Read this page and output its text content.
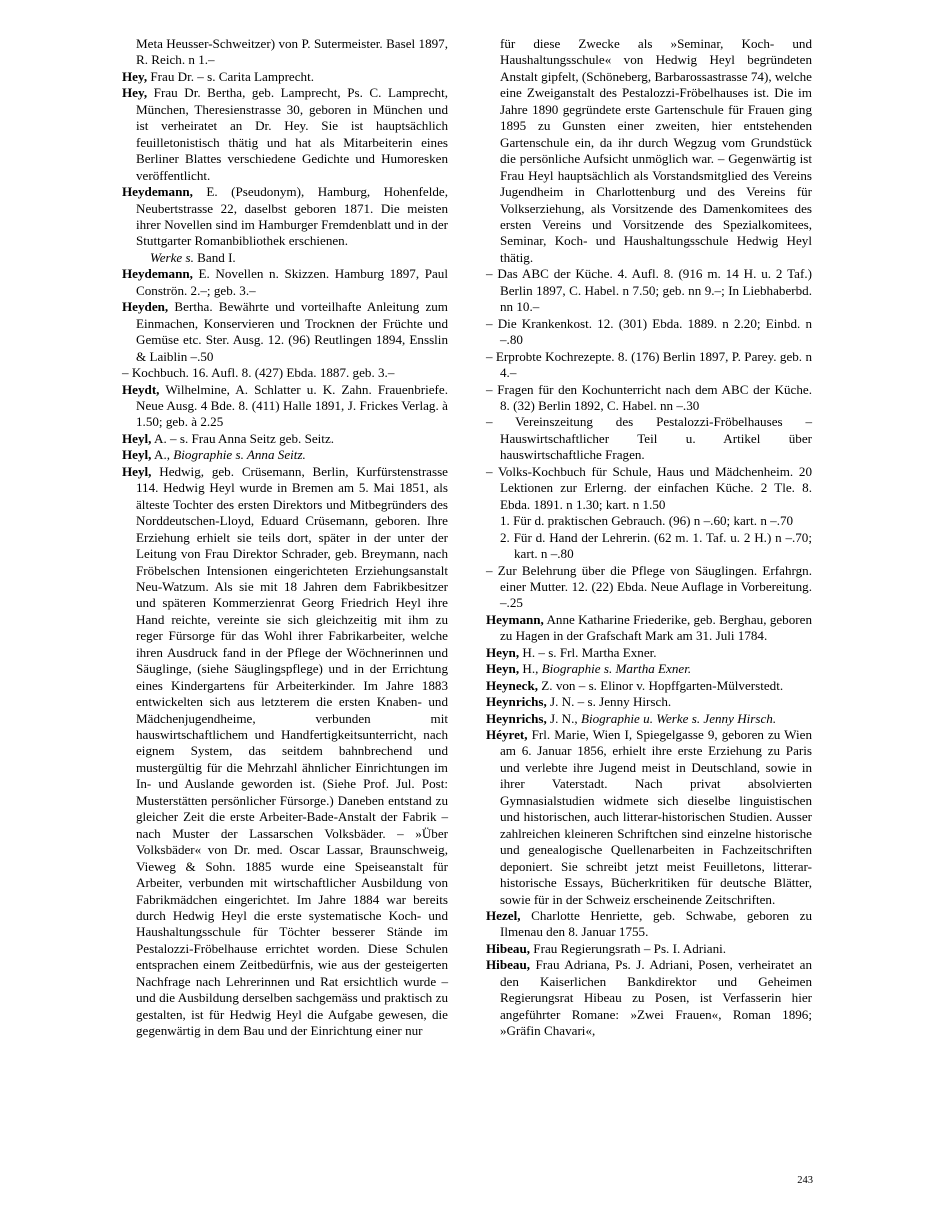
Meta Heusser-Schweitzer) von P. Sutermeister. Basel 1897, R. Reich. n 1.–

Hey, Frau Dr. – s. Carita Lamprecht.

Hey, Frau Dr. Bertha, geb. Lamprecht, Ps. C. Lamprecht, München, Theresienstrasse 30, geboren in München und ist verheiratet an Dr. Hey. Sie ist hauptsächlich feuilletonistisch thätig und hat als Mitarbeiterin eines Berliner Blattes verschiedene Gedichte und Humoresken veröffentlicht.

Heydemann, E. (Pseudonym), Hamburg, Hohenfelde, Neubertstrasse 22, daselbst geboren 1871. Die meisten ihrer Novellen sind im Hamburger Fremdenblatt und in der Stuttgarter Romanbibliothek erschienen.

Werke s. Band I.

Heydemann, E. Novellen n. Skizzen. Hamburg 1897, Paul Conströn. 2.–; geb. 3.–

Heyden, Bertha. Bewährte und vorteilhafte Anleitung zum Einmachen, Konservieren und Trocknen der Früchte und Gemüse etc. Ster. Ausg. 12. (96) Reutlingen 1894, Ensslin & Laiblin –.50

– Kochbuch. 16. Aufl. 8. (427) Ebda. 1887. geb. 3.–

Heydt, Wilhelmine, A. Schlatter u. K. Zahn. Frauenbriefe. Neue Ausg. 4 Bde. 8. (411) Halle 1891, J. Frickes Verlag. à 1.50; geb. à 2.25

Heyl, A. – s. Frau Anna Seitz geb. Seitz.

Heyl, A., Biographie s. Anna Seitz.

Heyl, Hedwig, geb. Crüsemann, Berlin, Kurfürstenstrasse 114. Hedwig Heyl wurde in Bremen am 5. Mai 1851, als älteste Tochter des ersten Direktors und Mitbegründers des Norddeutschen-Lloyd, Eduard Crüsemann, geboren. Ihre Erziehung erhielt sie teils dort, später in der unter der Leitung von Frau Direktor Schrader, geb. Breymann, nach Fröbelschen Intensionen eingerichteten Erziehungsanstalt Neu-Watzum. Als sie mit 18 Jahren dem Fabrikbesitzer und späteren Kommerzienrat Georg Friedrich Heyl ihre Hand reichte, vereinte sie sich gleichzeitig mit ihm zu reger Fürsorge für das Wohl ihrer Fabrikarbeiter, welche ihren Ausdruck fand in der Pflege der Wöchnerinnen und Säuglinge, (siehe Säuglingspflege) und in der Errichtung eines Kindergartens für Arbeiterkinder. Im Jahre 1883 entwickelten sich aus letzterem die ersten Knaben- und Mädchenjugendheime, verbunden mit hauswirtschaftlichem und Handfertigkeitsunterricht, nach eignem System, das seitdem bahnbrechend und mustergültig für die Mehrzahl ähnlicher Einrichtungen im In- und Auslande geworden ist. (Siehe Prof. Jul. Post: Musterstätten persönlicher Fürsorge.) Daneben entstand zu gleicher Zeit die erste Arbeiter-Bade-Anstalt der Fabrik – nach Muster der Lassarschen Volksbäder. – »Über Volksbäder« von Dr. med. Oscar Lassar, Braunschweig, Vieweg & Sohn. 1885 wurde eine Speiseanstalt für Arbeiter, verbunden mit wirtschaftlicher Ausbildung von Fabrikmädchen eingerichtet. Im Jahre 1884 war bereits durch Hedwig Heyl die erste systematische Koch- und Haushaltungsschule für Töchter besserer Stände im Pestalozzi-Fröbelhause errichtet worden. Diese Schulen entsprachen einem Zeitbedürfnis, wie aus der gesteigerten Nachfrage nach Lehrerinnen und Rat ersichtlich wurde – und die Ausbildung derselben sachgemäss und praktisch zu gestalten, ist für Hedwig Heyl die Aufgabe gewesen, die gegenwärtig in dem Bau und der Einrichtung einer nur

für diese Zwecke als »Seminar, Koch- und Haushaltungsschule« von Hedwig Heyl begründeten Anstalt gipfelt, (Schöneberg, Barbarossastrasse 74), welche eine Zweiganstalt des Pestalozzi-Fröbelhauses ist. Die im Jahre 1890 gegründete erste Gartenschule für Frauen ging 1895 zu Gunsten einer zweiten, hier entstehenden Gartenschule ein, da ihr durch Wegzug vom Grundstück die persönliche Aufsicht unmöglich war. – Gegenwärtig ist Frau Heyl hauptsächlich als Vorstandsmitglied des Vereins Jugendheim in Charlottenburg und des Vereins für Volkserziehung, als Vorsitzende des Damenkomitees des ersten Vereins und Vorsitzende des Spezialkomitees, Seminar, Koch- und Haushaltungsschule Hedwig Heyl thätig.

– Das ABC der Küche. 4. Aufl. 8. (916 m. 14 H. u. 2 Taf.) Berlin 1897, C. Habel. n 7.50; geb. nn 9.–; In Liebhaberbd. nn 10.–

– Die Krankenkost. 12. (301) Ebda. 1889. n 2.20; Einbd. n –.80

– Erprobte Kochrezepte. 8. (176) Berlin 1897, P. Parey. geb. n 4.–

– Fragen für den Kochunterricht nach dem ABC der Küche. 8. (32) Berlin 1892, C. Habel. nn –.30

– Vereinszeitung des Pestalozzi-Fröbelhauses – Hauswirtschaftlicher Teil u. Artikel über hauswirtschaftliche Fragen.

– Volks-Kochbuch für Schule, Haus und Mädchenheim. 20 Lektionen zur Erlerng. der einfachen Küche. 2 Tle. 8. Ebda. 1891. n 1.30; kart. n 1.50

1. Für d. praktischen Gebrauch. (96) n –.60; kart. n –.70

2. Für d. Hand der Lehrerin. (62 m. 1. Taf. u. 2 H.) n –.70; kart. n –.80

– Zur Belehrung über die Pflege von Säuglingen. Erfahrgn. einer Mutter. 12. (22) Ebda. Neue Auflage in Vorbereitung. –.25

Heymann, Anne Katharine Friederike, geb. Berghau, geboren zu Hagen in der Grafschaft Mark am 31. Juli 1784.

Heyn, H. – s. Frl. Martha Exner.

Heyn, H., Biographie s. Martha Exner.

Heyneck, Z. von – s. Elinor v. Hopffgarten-Mülverstedt.

Heynrichs, J. N. – s. Jenny Hirsch.

Heynrichs, J. N., Biographie u. Werke s. Jenny Hirsch.

Héyret, Frl. Marie, Wien I, Spiegelgasse 9, geboren zu Wien am 6. Januar 1856, erhielt ihre erste Erziehung zu Paris und verlebte ihre Jugend meist in Deutschland, sowie in ihrer Vaterstadt. Nach privat absolvierten Gymnasialstudien widmete sich dieselbe linguistischen und historischen, auch litterar-historischen Studien. Ausser zahlreichen kleineren Schriftchen sind einzelne historische und genealogische Quellenarbeiten in Fachzeitschriften deponiert. Sie schreibt jetzt meist Feuilletons, litterar-historische Essays, Bücherkritiken für deutsche Blätter, sowie für in der Schweiz erscheinende Zeitschriften.

Hezel, Charlotte Henriette, geb. Schwabe, geboren zu Ilmenau den 8. Januar 1755.

Hibeau, Frau Regierungsrath – Ps. I. Adriani.

Hibeau, Frau Adriana, Ps. J. Adriani, Posen, verheiratet an den Kaiserlichen Bankdirektor und Geheimen Regierungsrat Hibeau zu Posen, ist Verfasserin hier angeführter Romane: »Zwei Frauen«, Roman 1896; »Gräfin Chavari«,

243
